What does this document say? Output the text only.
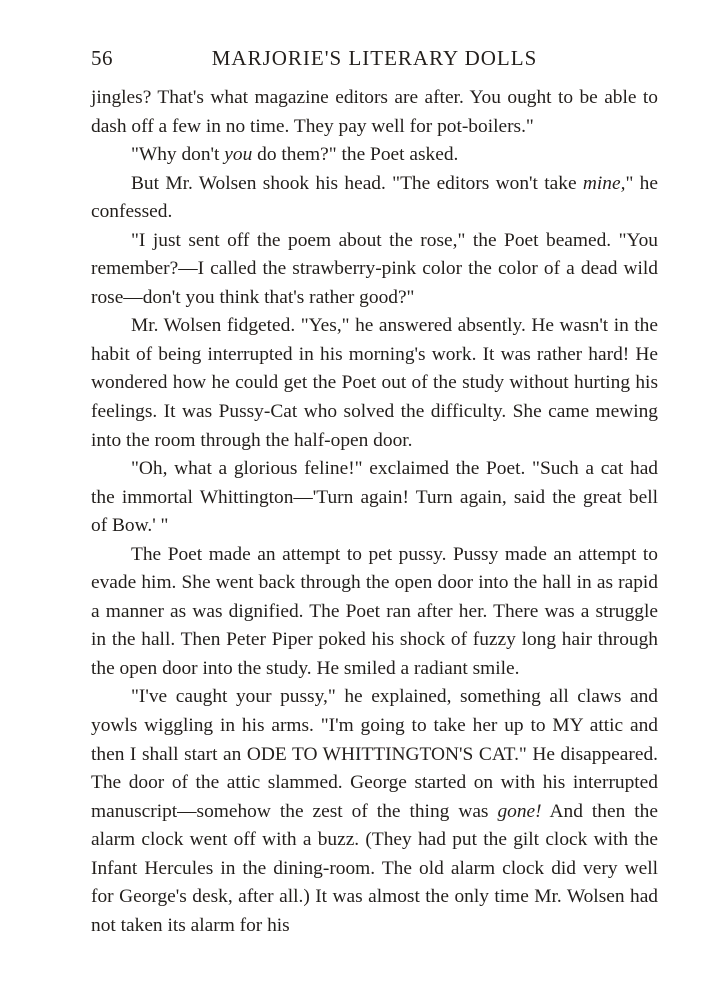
56	MARJORIE'S LITERARY DOLLS

jingles? That's what magazine editors are after. You ought to be able to dash off a few in no time. They pay well for pot-boilers."

"Why don't you do them?" the Poet asked.

But Mr. Wolsen shook his head. "The editors won't take mine," he confessed.

"I just sent off the poem about the rose," the Poet beamed. "You remember?—I called the strawberry-pink color the color of a dead wild rose—don't you think that's rather good?"

Mr. Wolsen fidgeted. "Yes," he answered absently. He wasn't in the habit of being interrupted in his morning's work. It was rather hard! He wondered how he could get the Poet out of the study without hurting his feelings. It was Pussy-Cat who solved the difficulty. She came mewing into the room through the half-open door.

"Oh, what a glorious feline!" exclaimed the Poet. "Such a cat had the immortal Whittington—'Turn again! Turn again, said the great bell of Bow.' "

The Poet made an attempt to pet pussy. Pussy made an attempt to evade him. She went back through the open door into the hall in as rapid a manner as was dignified. The Poet ran after her. There was a struggle in the hall. Then Peter Piper poked his shock of fuzzy long hair through the open door into the study. He smiled a radiant smile.

"I've caught your pussy," he explained, something all claws and yowls wiggling in his arms. "I'm going to take her up to MY attic and then I shall start an ODE TO WHITTINGTON'S CAT." He disappeared. The door of the attic slammed. George started on with his interrupted manuscript—somehow the zest of the thing was gone! And then the alarm clock went off with a buzz. (They had put the gilt clock with the Infant Hercules in the dining-room. The old alarm clock did very well for George's desk, after all.) It was almost the only time Mr. Wolsen had not taken its alarm for his
